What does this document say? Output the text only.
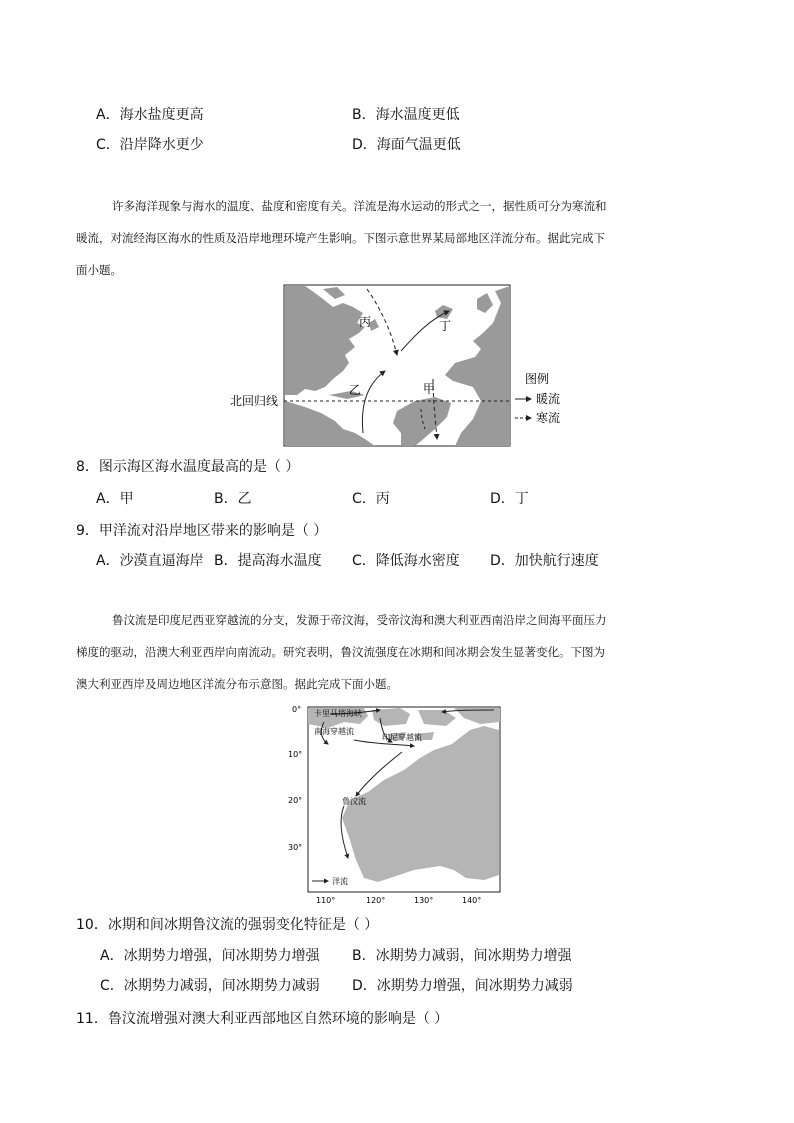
A．海水盐度更高	B．海水温度更低
C．沿岸降水更少	D．海面气温更低
许多海洋现象与海水的温度、盐度和密度有关。洋流是海水运动的形式之一，据性质可分为寒流和
暖流，对流经海区海水的性质及沿岸地理环境产生影响。下图示意世界某局部地区洋流分布。据此完成下
面小题。
丙	丁
乙	甲
北回归线
图例
暖流
寒流
8．图示海区海水温度最高的是（ ）
A．甲	B．乙	C．丙	D．丁
9．甲洋流对沿岸地区带来的影响是（ ）
A．沙漠直逼海岸 B．提高海水温度 C．降低海水密度 D．加快航行速度
鲁汶流是印度尼西亚穿越流的分支，发源于帝汶海，受帝汶海和澳大利亚西南沿岸之间海平面压力
梯度的驱动，沿澳大利亚西岸向南流动。研究表明，鲁汶流强度在冰期和间冰期会发生显著变化。下图为
澳大利亚西岸及周边地区洋流分布示意图。据此完成下面小题。
卡里马塔海峡
南海穿越流
印尼穿越流
鲁汶流
0°
10°
20°
30°
110°	120°	130°	140°
洋流
10．冰期和间冰期鲁汶流的强弱变化特征是（ ）
A．冰期势力增强，间冰期势力增强 B．冰期势力减弱，间冰期势力增强
C．冰期势力减弱，间冰期势力减弱 D．冰期势力增强，间冰期势力减弱
11．鲁汶流增强对澳大利亚西部地区自然环境的影响是（ ）
